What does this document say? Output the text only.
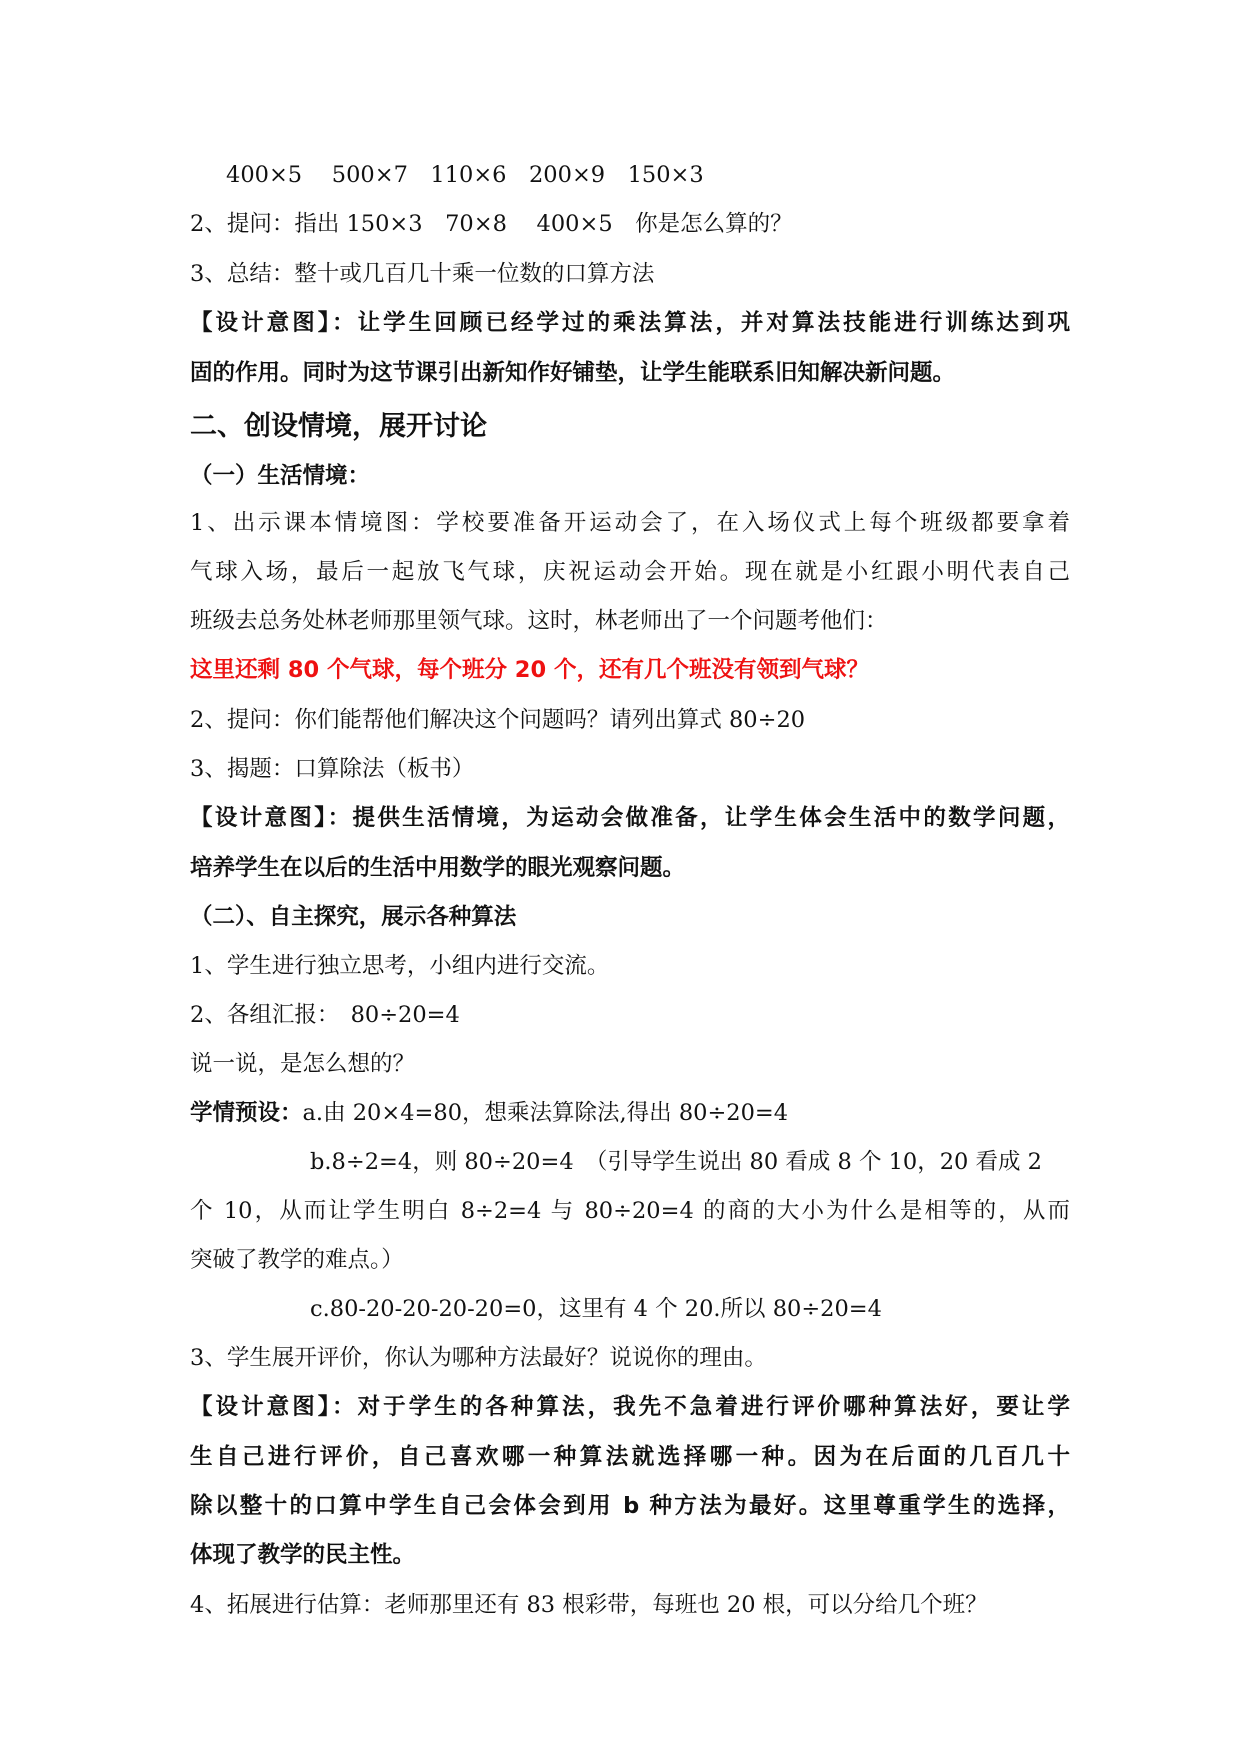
400×5　 500×7　110×6　200×9　150×3
2、提问：指出 150×3　70×8　 400×5　你是怎么算的？
3、总结：整十或几百几十乘一位数的口算方法
【设计意图】：让学生回顾已经学过的乘法算法，并对算法技能进行训练达到巩
固的作用。同时为这节课引出新知作好铺垫，让学生能联系旧知解决新问题。
二、创设情境，展开讨论
（一）生活情境：
1、出示课本情境图：学校要准备开运动会了，在入场仪式上每个班级都要拿着
气球入场，最后一起放飞气球，庆祝运动会开始。现在就是小红跟小明代表自己
班级去总务处林老师那里领气球。这时，林老师出了一个问题考他们：
这里还剩 80 个气球，每个班分 20 个，还有几个班没有领到气球？
2、提问：你们能帮他们解决这个问题吗？请列出算式 80÷20
3、揭题：口算除法（板书）
【设计意图】：提供生活情境，为运动会做准备，让学生体会生活中的数学问题，
培养学生在以后的生活中用数学的眼光观察问题。
（二）、自主探究，展示各种算法
1、学生进行独立思考，小组内进行交流。
2、各组汇报：　80÷20=4
说一说，是怎么想的？
学情预设：a.由 20×4=80，想乘法算除法,得出 80÷20=4
b.8÷2=4，则 80÷20=4　（引导学生说出 80 看成 8 个 10，20 看成 2
个 10，从而让学生明白 8÷2=4 与 80÷20=4 的商的大小为什么是相等的，从而
突破了教学的难点。）
c.80-20-20-20-20=0，这里有 4 个 20.所以 80÷20=4
3、学生展开评价，你认为哪种方法最好？说说你的理由。
【设计意图】：对于学生的各种算法，我先不急着进行评价哪种算法好，要让学
生自己进行评价，自己喜欢哪一种算法就选择哪一种。因为在后面的几百几十
除以整十的口算中学生自己会体会到用 b 种方法为最好。这里尊重学生的选择，
体现了教学的民主性。
4、拓展进行估算：老师那里还有 83 根彩带，每班也 20 根，可以分给几个班？
